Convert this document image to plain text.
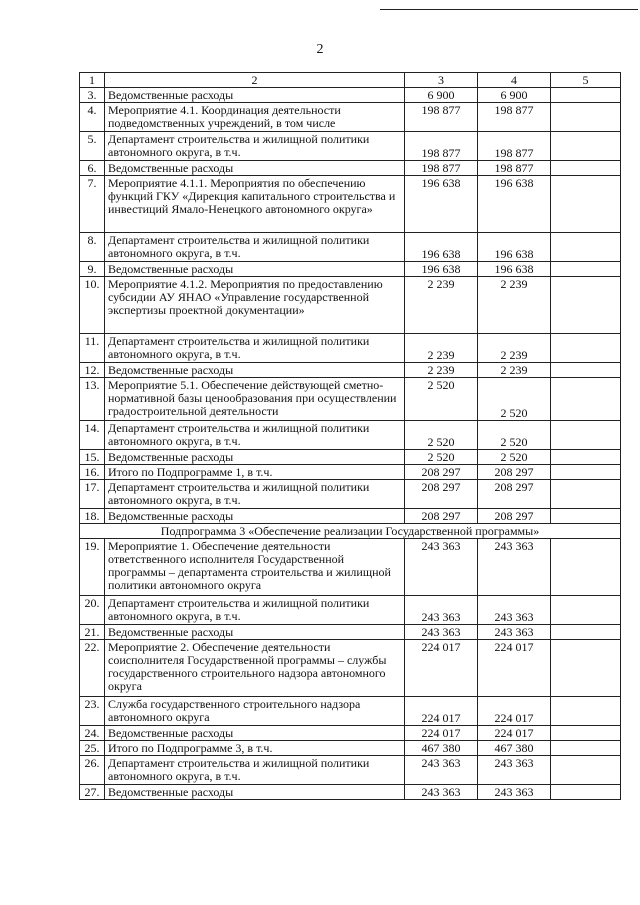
2
1	2	3	4	5
3.	Ведомственные расходы	6 900	6 900	
4.	Мероприятие 4.1. Координация деятельности подведомственных учреждений, в том числе	198 877	198 877	
5.	Департамент строительства и жилищной политики автономного округа, в т.ч.	198 877	198 877	
6.	Ведомственные расходы	198 877	198 877	
7.	Мероприятие 4.1.1. Мероприятия по обеспечению функций ГКУ «Дирекция капитального строительства и инвестиций Ямало-Ненецкого автономного округа»	196 638	196 638	
8.	Департамент строительства и жилищной политики автономного округа, в т.ч.	196 638	196 638	
9.	Ведомственные расходы	196 638	196 638	
10.	Мероприятие 4.1.2. Мероприятия по предоставлению субсидии АУ ЯНАО «Управление государственной экспертизы проектной документации»	2 239	2 239	
11.	Департамент строительства и жилищной политики автономного округа, в т.ч.	2 239	2 239	
12.	Ведомственные расходы	2 239	2 239	
13.	Мероприятие 5.1. Обеспечение действующей сметно-нормативной базы ценообразования при осуществлении градостроительной деятельности	2 520	2 520	
14.	Департамент строительства и жилищной политики автономного округа, в т.ч.	2 520	2 520	
15.	Ведомственные расходы	2 520	2 520	
16.	Итого по Подпрограмме 1, в т.ч.	208 297	208 297	
17.	Департамент строительства и жилищной политики автономного округа, в т.ч.	208 297	208 297	
18.	Ведомственные расходы	208 297	208 297	
Подпрограмма 3 «Обеспечение реализации Государственной программы»				
19.	Мероприятие 1. Обеспечение деятельности ответственного исполнителя Государственной программы – департамента строительства и жилищной политики автономного округа	243 363	243 363	
20.	Департамент строительства и жилищной политики автономного округа, в т.ч.	243 363	243 363	
21.	Ведомственные расходы	243 363	243 363	
22.	Мероприятие 2. Обеспечение деятельности соисполнителя Государственной программы – службы государственного строительного надзора автономного округа	224 017	224 017	
23.	Служба государственного строительного надзора автономного округа	224 017	224 017	
24.	Ведомственные расходы	224 017	224 017	
25.	Итого по Подпрограмме 3, в т.ч.	467 380	467 380	
26.	Департамент строительства и жилищной политики автономного округа, в т.ч.	243 363	243 363	
27.	Ведомственные расходы	243 363	243 363	
